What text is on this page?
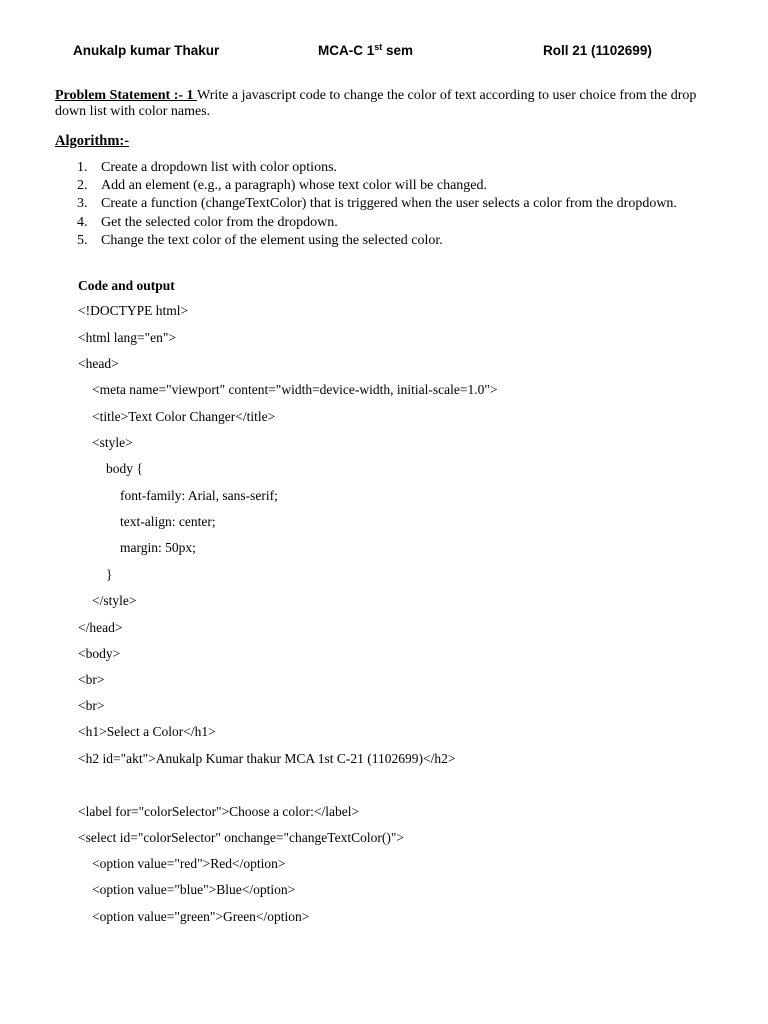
Anukalp kumar Thakur	MCA-C 1st sem	Roll 21 (1102699)
Problem Statement :- 1 Write a javascript code to change the color of text according to user choice from the drop down list with color names.
Algorithm:-
1. Create a dropdown list with color options.
2. Add an element (e.g., a paragraph) whose text color will be changed.
3. Create a function (changeTextColor) that is triggered when the user selects a color from the dropdown.
4. Get the selected color from the dropdown.
5. Change the text color of the element using the selected color.
Code and output
<!DOCTYPE html>
<html lang="en">
<head>
<meta name="viewport" content="width=device-width, initial-scale=1.0">
<title>Text Color Changer</title>
<style>
body {
font-family: Arial, sans-serif;
text-align: center;
margin: 50px;
}
</style>
</head>
<body>
<br>
<br>
<h1>Select a Color</h1>
<h2 id="akt">Anukalp Kumar thakur MCA 1st C-21 (1102699)</h2>
<label for="colorSelector">Choose a color:</label>
<select id="colorSelector" onchange="changeTextColor()">
<option value="red">Red</option>
<option value="blue">Blue</option>
<option value="green">Green</option>
